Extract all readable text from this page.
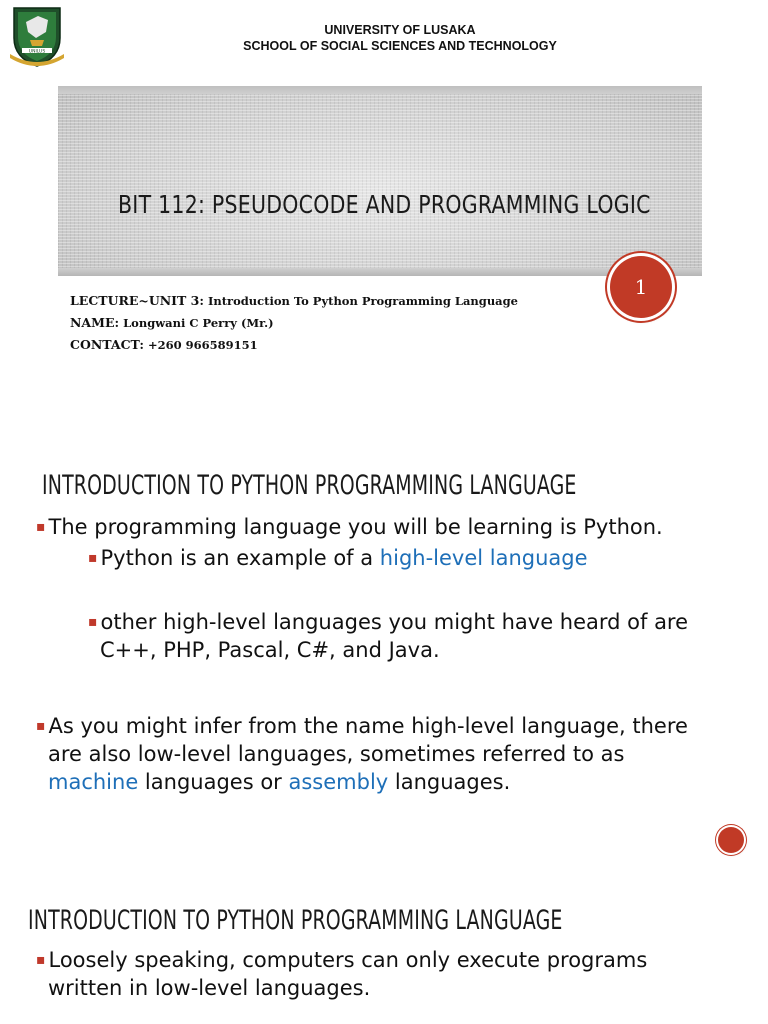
UNILUS
UNIVERSITY OF LUSAKA
SCHOOL OF SOCIAL SCIENCES AND TECHNOLOGY
BIT 112: PSEUDOCODE AND PROGRAMMING LOGIC
1
LECTURE~UNIT 3: Introduction To Python Programming Language
NAME: Longwani C Perry (Mr.)
CONTACT: +260 966589151
INTRODUCTION TO PYTHON PROGRAMMING LANGUAGE
▪ The programming language you will be learning is Python.
▪ Python is an example of a high-level language
▪ other high-level languages you might have heard of are
C++, PHP, Pascal, C#, and Java.
▪ As you might infer from the name high-level language, there
are also low-level languages, sometimes referred to as
machine languages or assembly languages.
INTRODUCTION TO PYTHON PROGRAMMING LANGUAGE
▪ Loosely speaking, computers can only execute programs
written in low-level languages.
